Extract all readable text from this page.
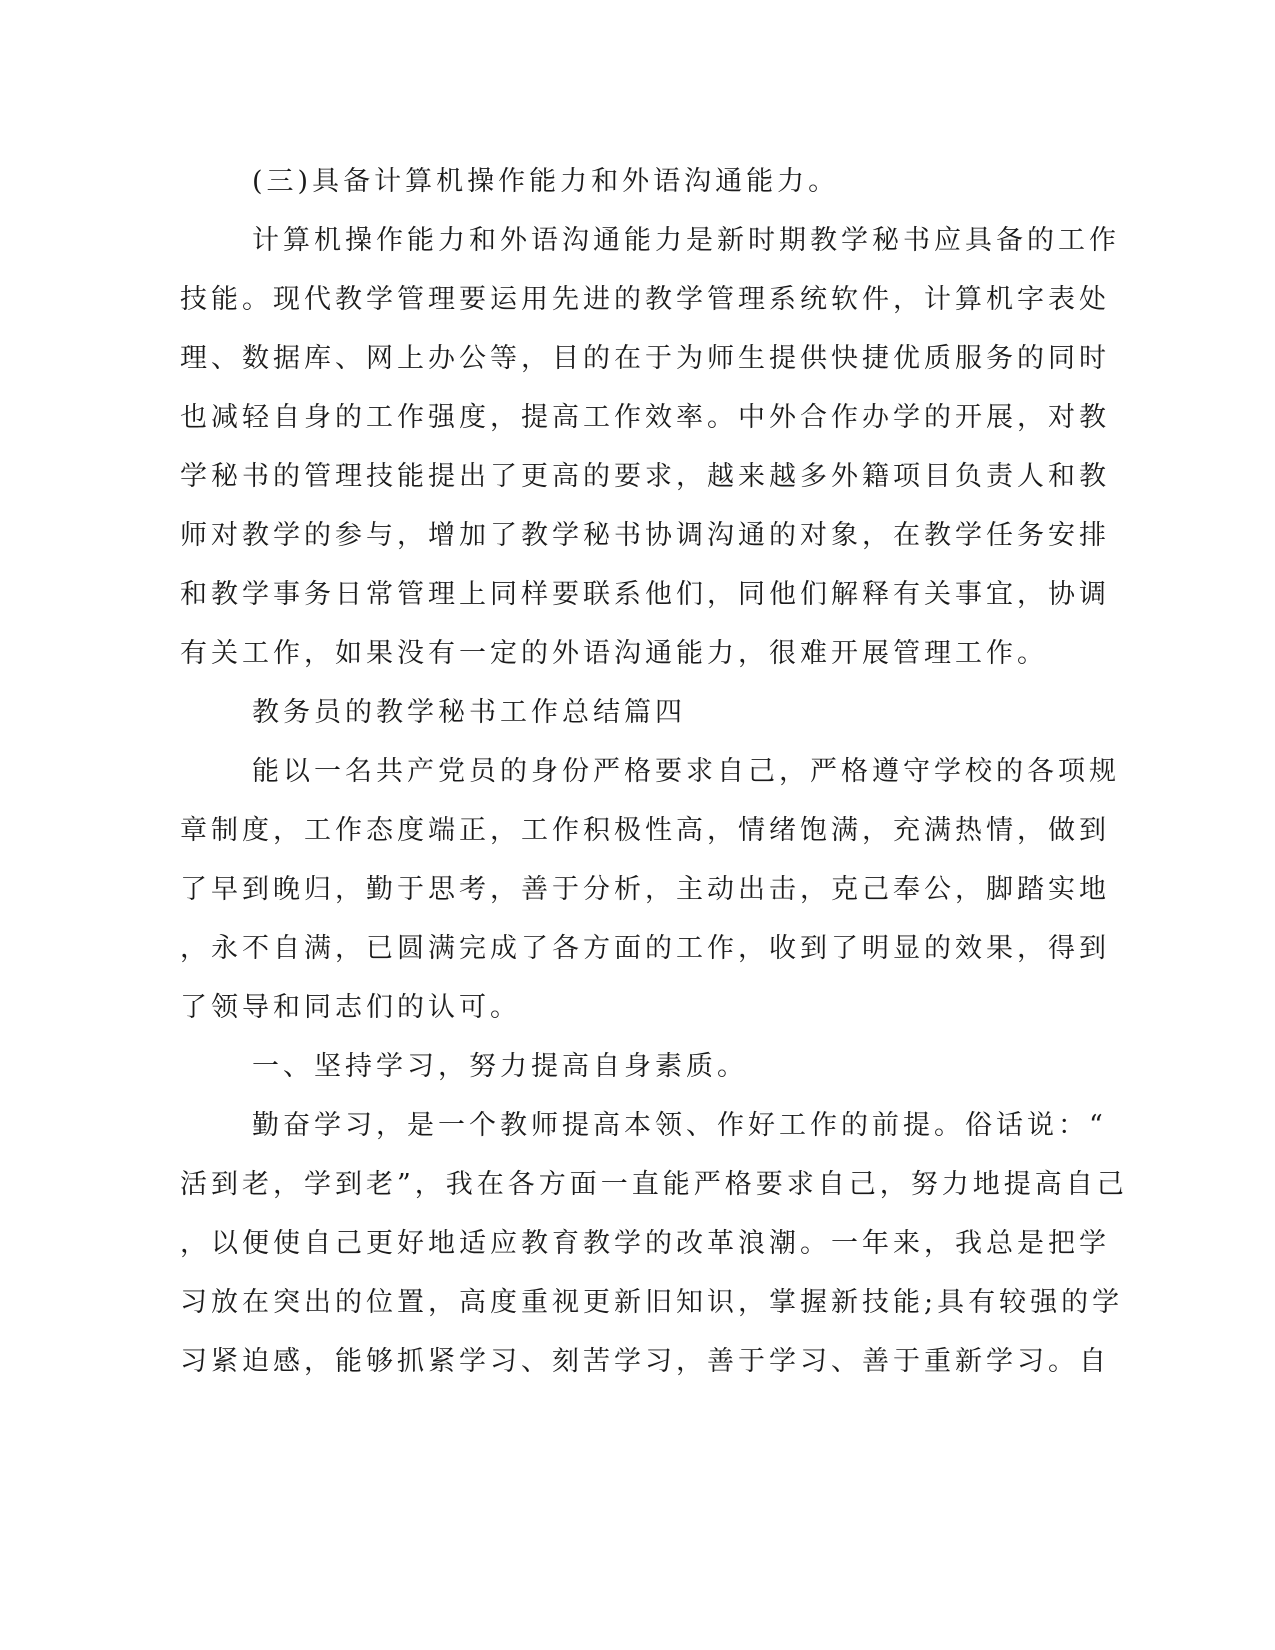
(三)具备计算机操作能力和外语沟通能力。
计算机操作能力和外语沟通能力是新时期教学秘书应具备的工作
技能。现代教学管理要运用先进的教学管理系统软件，计算机字表处
理、数据库、网上办公等，目的在于为师生提供快捷优质服务的同时
也减轻自身的工作强度，提高工作效率。中外合作办学的开展，对教
学秘书的管理技能提出了更高的要求，越来越多外籍项目负责人和教
师对教学的参与，增加了教学秘书协调沟通的对象，在教学任务安排
和教学事务日常管理上同样要联系他们，同他们解释有关事宜，协调
有关工作，如果没有一定的外语沟通能力，很难开展管理工作。
教务员的教学秘书工作总结篇四
能以一名共产党员的身份严格要求自己，严格遵守学校的各项规
章制度，工作态度端正，工作积极性高，情绪饱满，充满热情，做到
了早到晚归，勤于思考，善于分析，主动出击，克己奉公，脚踏实地
，永不自满，已圆满完成了各方面的工作，收到了明显的效果，得到
了领导和同志们的认可。
一、坚持学习，努力提高自身素质。
勤奋学习，是一个教师提高本领、作好工作的前提。俗话说：“
活到老，学到老”，我在各方面一直能严格要求自己，努力地提高自己
，以便使自己更好地适应教育教学的改革浪潮。一年来，我总是把学
习放在突出的位置，高度重视更新旧知识，掌握新技能;具有较强的学
习紧迫感，能够抓紧学习、刻苦学习，善于学习、善于重新学习。自
